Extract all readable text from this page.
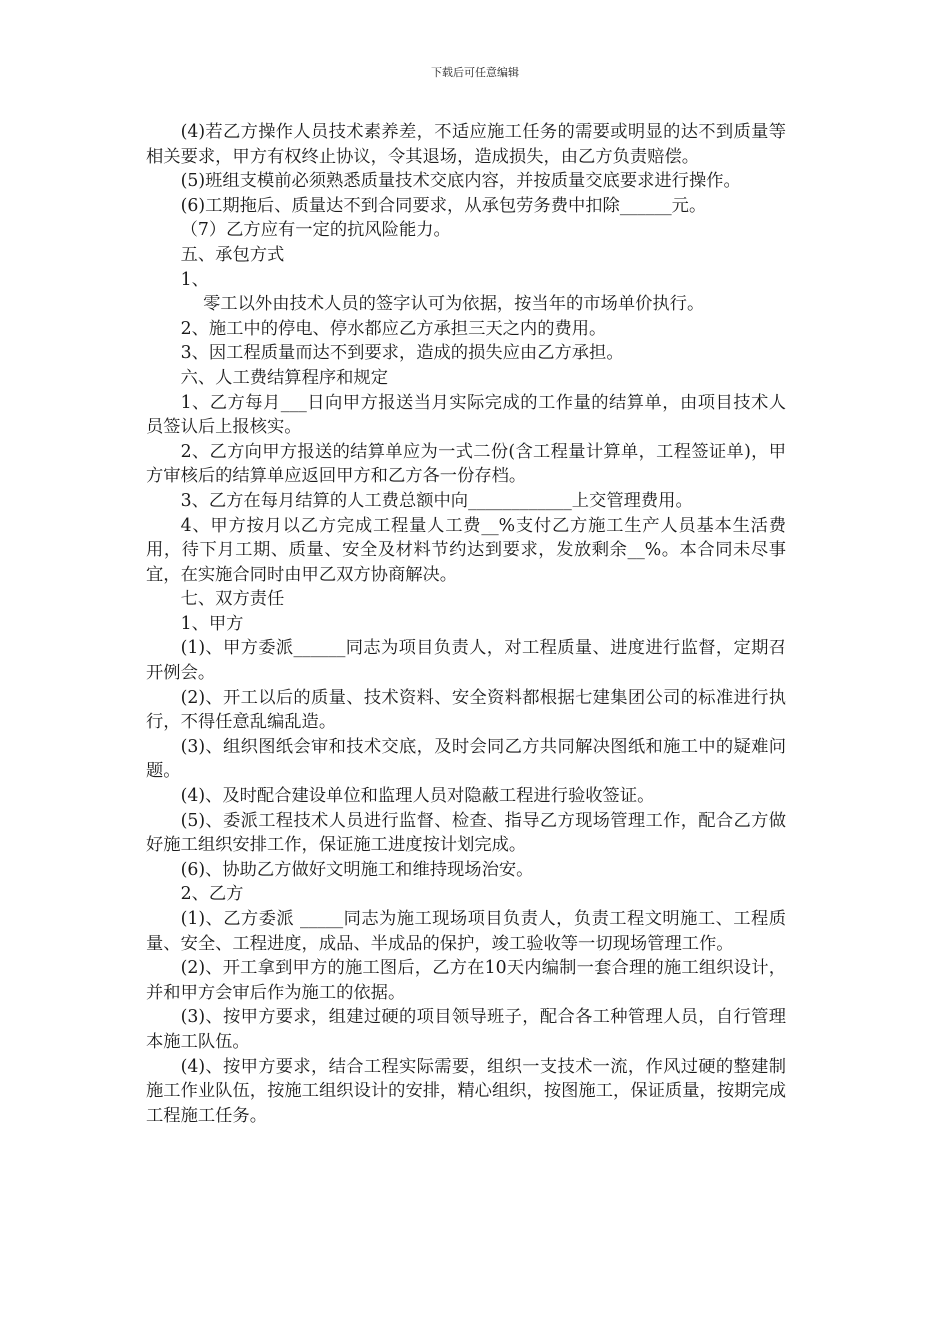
下载后可任意编辑

(4)若乙方操作人员技术素养差，不适应施工任务的需要或明显的达不到质量等相关要求，甲方有权终止协议，令其退场，造成损失，由乙方负责赔偿。

(5)班组支模前必须熟悉质量技术交底内容，并按质量交底要求进行操作。

(6)工期拖后、质量达不到合同要求，从承包劳务费中扣除______元。

（7）乙方应有一定的抗风险能力。

五、承包方式

1、

零工以外由技术人员的签字认可为依据，按当年的市场单价执行。

2、施工中的停电、停水都应乙方承担三天之内的费用。

3、因工程质量而达不到要求，造成的损失应由乙方承担。

六、人工费结算程序和规定

1、乙方每月___日向甲方报送当月实际完成的工作量的结算单，由项目技术人员签认后上报核实。

2、乙方向甲方报送的结算单应为一式二份(含工程量计算单，工程签证单)，甲方审核后的结算单应返回甲方和乙方各一份存档。

3、乙方在每月结算的人工费总额中向____________上交管理费用。

4、甲方按月以乙方完成工程量人工费__%支付乙方施工生产人员基本生活费用，待下月工期、质量、安全及材料节约达到要求，发放剩余__%。本合同未尽事宜，在实施合同时由甲乙双方协商解决。

七、双方责任

1、甲方

(1)、甲方委派______同志为项目负责人，对工程质量、进度进行监督，定期召开例会。

(2)、开工以后的质量、技术资料、安全资料都根据七建集团公司的标准进行执行，不得任意乱编乱造。

(3)、组织图纸会审和技术交底，及时会同乙方共同解决图纸和施工中的疑难问题。

(4)、及时配合建设单位和监理人员对隐蔽工程进行验收签证。

(5)、委派工程技术人员进行监督、检查、指导乙方现场管理工作，配合乙方做好施工组织安排工作，保证施工进度按计划完成。

(6)、协助乙方做好文明施工和维持现场治安。

2、乙方

(1)、乙方委派 _____同志为施工现场项目负责人，负责工程文明施工、工程质量、安全、工程进度，成品、半成品的保护，竣工验收等一切现场管理工作。

(2)、开工拿到甲方的施工图后，乙方在10天内编制一套合理的施工组织设计，并和甲方会审后作为施工的依据。

(3)、按甲方要求，组建过硬的项目领导班子，配合各工种管理人员，自行管理本施工队伍。

(4)、按甲方要求，结合工程实际需要，组织一支技术一流，作风过硬的整建制施工作业队伍，按施工组织设计的安排，精心组织，按图施工，保证质量，按期完成工程施工任务。
